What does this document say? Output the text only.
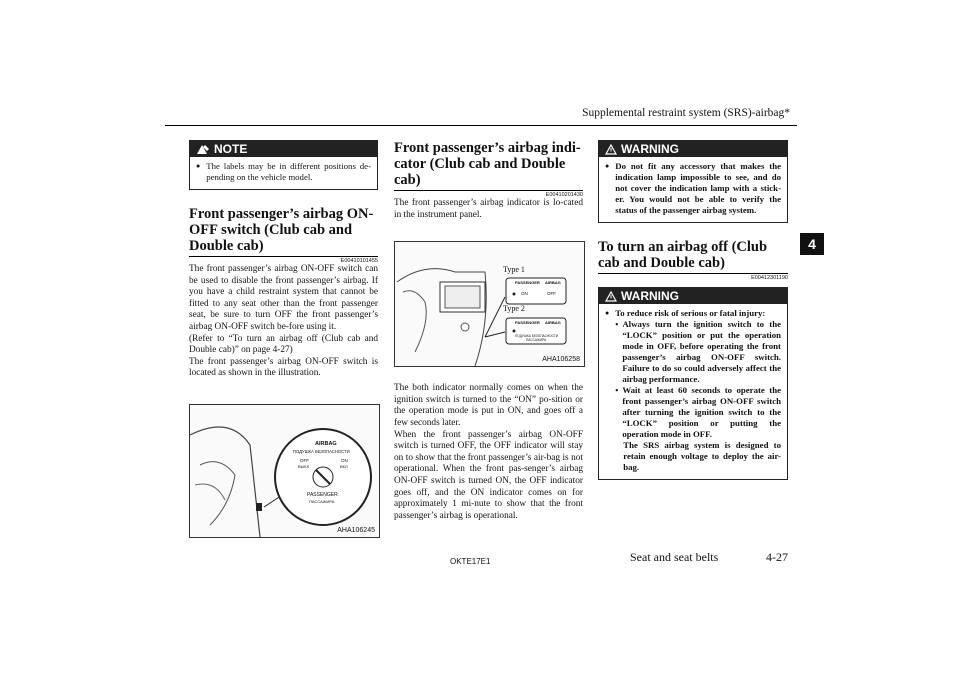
Supplemental restraint system (SRS)-airbag*
4
NOTE
● The labels may be in different positions de-pending on the vehicle model.
Front passenger’s airbag ON-OFF switch (Club cab and Double cab)
E00410101455

The front passenger’s airbag ON-OFF switch can be used to disable the front passenger’s airbag. If you have a child restraint system that cannot be fitted to any seat other than the front passenger seat, be sure to turn OFF the front passenger’s airbag ON-OFF switch be-fore using it.

(Refer to “To turn an airbag off (Club cab and Double cab)” on page 4-27)

The front passenger’s airbag ON-OFF switch is located as shown in the illustration.

AIRBAG
ПОДУШКА БЕЗОПАСНОСТИ
OFF
ВЫКЛ
ON
ВКЛ
PASSENGER
ПАССАЖИРА
AHA106245
Front passenger’s airbag indi-cator (Club cab and Double cab)
E00410201430

The front passenger’s airbag indicator is lo-cated in the instrument panel.

Type 1
Type 2
PASSENGER AIRBAG
ON	OFF
PASSENGER AIRBAG
ПОДУШКА БЕЗОПАСНОСТИ
ПАССАЖИРА
AHA106258

The both indicator normally comes on when the ignition switch is turned to the “ON” po-sition or the operation mode is put in ON, and goes off a few seconds later.

When the front passenger’s airbag ON-OFF switch is turned OFF, the OFF indicator will stay on to show that the front passenger’s air-bag is not operational. When the front pas-senger’s airbag ON-OFF switch is turned ON, the OFF indicator goes off, and the ON indicator comes on for approximately 1 mi-nute to show that the front passenger’s airbag is operational.

WARNING
● Do not fit any accessory that makes the indication lamp impossible to see, and do not cover the indication lamp with a stick-er. You would not be able to verify the status of the passenger airbag system.
To turn an airbag off (Club cab and Double cab)
E00412301190
WARNING
● To reduce risk of serious or fatal injury:
• Always turn the ignition switch to the “LOCK” position or put the operation mode in OFF, before operating the front passenger’s airbag ON-OFF switch. Failure to do so could adversely affect the airbag performance.
• Wait at least 60 seconds to operate the front passenger’s airbag ON-OFF switch after turning the ignition switch to the “LOCK” position or putting the operation mode in OFF.
The SRS airbag system is designed to retain enough voltage to deploy the air-bag.
OKTE17E1	Seat and seat belts	4-27
